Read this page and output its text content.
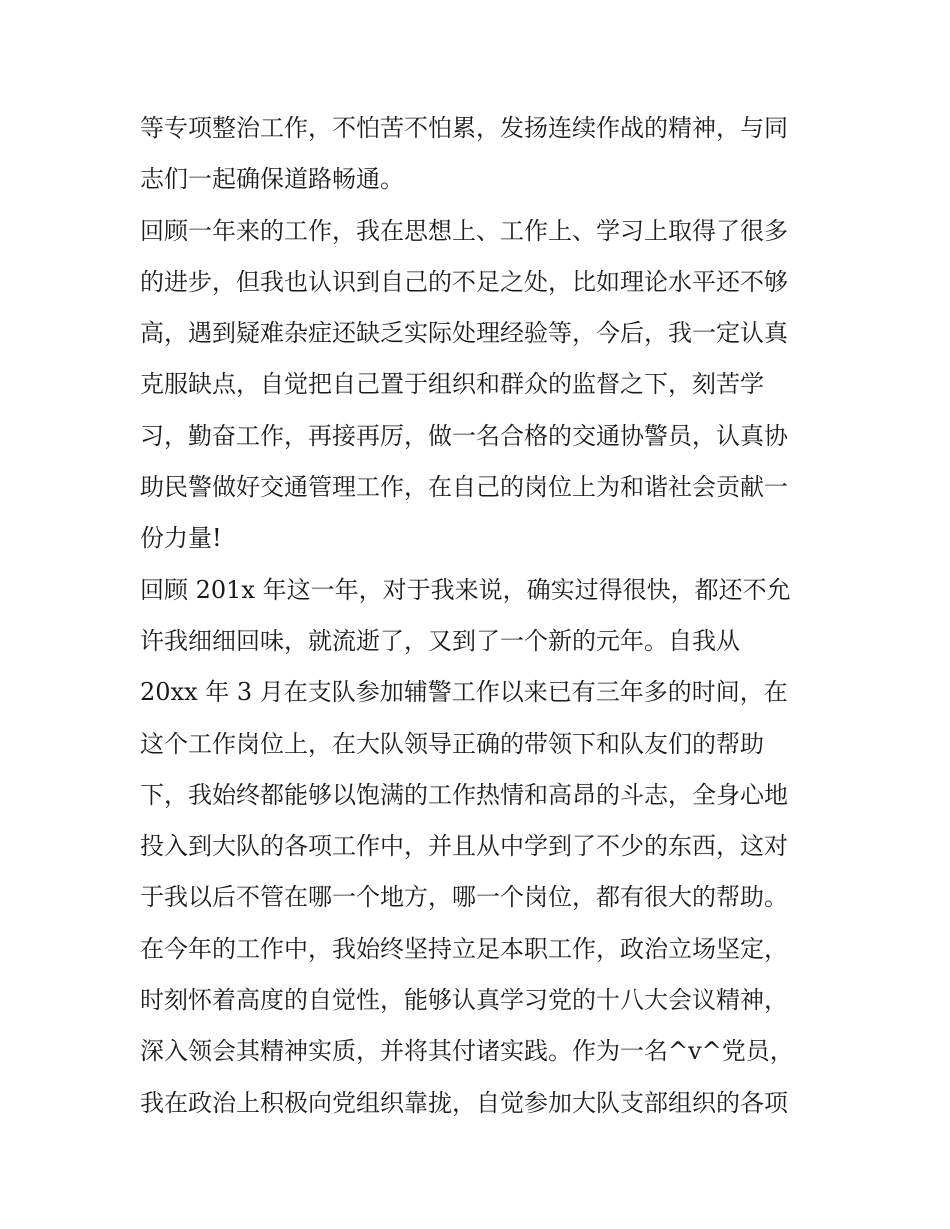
等专项整治工作，不怕苦不怕累，发扬连续作战的精神，与同
志们一起确保道路畅通。
回顾一年来的工作，我在思想上、工作上、学习上取得了很多
的进步，但我也认识到自己的不足之处，比如理论水平还不够
高，遇到疑难杂症还缺乏实际处理经验等，今后，我一定认真
克服缺点，自觉把自己置于组织和群众的监督之下，刻苦学
习，勤奋工作，再接再厉，做一名合格的交通协警员，认真协
助民警做好交通管理工作，在自己的岗位上为和谐社会贡献一
份力量!
回顾 201x 年这一年，对于我来说，确实过得很快，都还不允
许我细细回味，就流逝了，又到了一个新的元年。自我从
20xx 年 3 月在支队参加辅警工作以来已有三年多的时间，在
这个工作岗位上，在大队领导正确的带领下和队友们的帮助
下，我始终都能够以饱满的工作热情和高昂的斗志，全身心地
投入到大队的各项工作中，并且从中学到了不少的东西，这对
于我以后不管在哪一个地方，哪一个岗位，都有很大的帮助。
在今年的工作中，我始终坚持立足本职工作，政治立场坚定，
时刻怀着高度的自觉性，能够认真学习党的十八大会议精神，
深入领会其精神实质，并将其付诸实践。作为一名^v^党员，
我在政治上积极向党组织靠拢，自觉参加大队支部组织的各项
